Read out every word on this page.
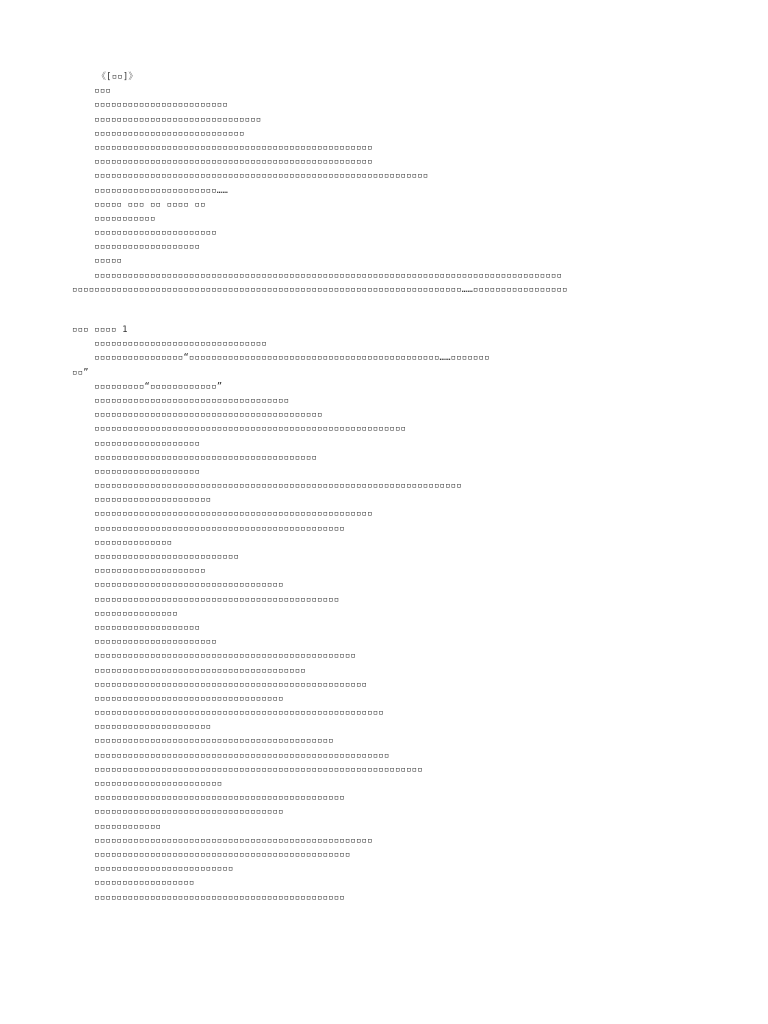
《[▫▫]》
▫▫▫
▫▫▫▫▫▫▫▫▫▫▫▫▫▫▫▫▫▫▫▫▫▫▫▫
▫▫▫▫▫▫▫▫▫▫▫▫▫▫▫▫▫▫▫▫▫▫▫▫▫▫▫▫▫▫
▫▫▫▫▫▫▫▫▫▫▫▫▫▫▫▫▫▫▫▫▫▫▫▫▫▫▫
▫▫▫▫▫▫▫▫▫▫▫▫▫▫▫▫▫▫▫▫▫▫▫▫▫▫▫▫▫▫▫▫▫▫▫▫▫▫▫▫▫▫▫▫▫▫▫▫▫▫
▫▫▫▫▫▫▫▫▫▫▫▫▫▫▫▫▫▫▫▫▫▫▫▫▫▫▫▫▫▫▫▫▫▫▫▫▫▫▫▫▫▫▫▫▫▫▫▫▫▫
▫▫▫▫▫▫▫▫▫▫▫▫▫▫▫▫▫▫▫▫▫▫▫▫▫▫▫▫▫▫▫▫▫▫▫▫▫▫▫▫▫▫▫▫▫▫▫▫▫▫▫▫▫▫▫▫▫▫▫▫
▫▫▫▫▫▫▫▫▫▫▫▫▫▫▫▫▫▫▫▫▫▫……
▫▫▫▫▫ ▫▫▫ ▫▫ ▫▫▫▫ ▫▫
▫▫▫▫▫▫▫▫▫▫▫
▫▫▫▫▫▫▫▫▫▫▫▫▫▫▫▫▫▫▫▫▫▫
▫▫▫▫▫▫▫▫▫▫▫▫▫▫▫▫▫▫▫
▫▫▫▫▫
▫▫▫▫▫▫▫▫▫▫▫▫▫▫▫▫▫▫▫▫▫▫▫▫▫▫▫▫▫▫▫▫▫▫▫▫▫▫▫▫▫▫▫▫▫▫▫▫▫▫▫▫▫▫▫▫▫▫▫▫▫▫▫▫▫▫▫▫▫▫▫▫▫▫▫▫▫▫▫▫▫▫▫▫
▫▫▫▫▫▫▫▫▫▫▫▫▫▫▫▫▫▫▫▫▫▫▫▫▫▫▫▫▫▫▫▫▫▫▫▫▫▫▫▫▫▫▫▫▫▫▫▫▫▫▫▫▫▫▫▫▫▫▫▫▫▫▫▫▫▫▫▫▫▫……▫▫▫▫▫▫▫▫▫▫▫▫▫▫▫▫▫
▫▫▫ ▫▫▫▫ 1
▫▫▫▫▫▫▫▫▫▫▫▫▫▫▫▫▫▫▫▫▫▫▫▫▫▫▫▫▫▫▫
▫▫▫▫▫▫▫▫▫▫▫▫▫▫▫▫“▫▫▫▫▫▫▫▫▫▫▫▫▫▫▫▫▫▫▫▫▫▫▫▫▫▫▫▫▫▫▫▫▫▫▫▫▫▫▫▫▫▫▫▫▫……▫▫▫▫▫▫▫
▫▫”
▫▫▫▫▫▫▫▫▫“▫▫▫▫▫▫▫▫▫▫▫▫”
▫▫▫▫▫▫▫▫▫▫▫▫▫▫▫▫▫▫▫▫▫▫▫▫▫▫▫▫▫▫▫▫▫▫▫
▫▫▫▫▫▫▫▫▫▫▫▫▫▫▫▫▫▫▫▫▫▫▫▫▫▫▫▫▫▫▫▫▫▫▫▫▫▫▫▫▫
▫▫▫▫▫▫▫▫▫▫▫▫▫▫▫▫▫▫▫▫▫▫▫▫▫▫▫▫▫▫▫▫▫▫▫▫▫▫▫▫▫▫▫▫▫▫▫▫▫▫▫▫▫▫▫▫
▫▫▫▫▫▫▫▫▫▫▫▫▫▫▫▫▫▫▫
▫▫▫▫▫▫▫▫▫▫▫▫▫▫▫▫▫▫▫▫▫▫▫▫▫▫▫▫▫▫▫▫▫▫▫▫▫▫▫▫
▫▫▫▫▫▫▫▫▫▫▫▫▫▫▫▫▫▫▫
▫▫▫▫▫▫▫▫▫▫▫▫▫▫▫▫▫▫▫▫▫▫▫▫▫▫▫▫▫▫▫▫▫▫▫▫▫▫▫▫▫▫▫▫▫▫▫▫▫▫▫▫▫▫▫▫▫▫▫▫▫▫▫▫▫▫
▫▫▫▫▫▫▫▫▫▫▫▫▫▫▫▫▫▫▫▫▫
▫▫▫▫▫▫▫▫▫▫▫▫▫▫▫▫▫▫▫▫▫▫▫▫▫▫▫▫▫▫▫▫▫▫▫▫▫▫▫▫▫▫▫▫▫▫▫▫▫▫
▫▫▫▫▫▫▫▫▫▫▫▫▫▫▫▫▫▫▫▫▫▫▫▫▫▫▫▫▫▫▫▫▫▫▫▫▫▫▫▫▫▫▫▫▫
▫▫▫▫▫▫▫▫▫▫▫▫▫▫
▫▫▫▫▫▫▫▫▫▫▫▫▫▫▫▫▫▫▫▫▫▫▫▫▫▫
▫▫▫▫▫▫▫▫▫▫▫▫▫▫▫▫▫▫▫▫
▫▫▫▫▫▫▫▫▫▫▫▫▫▫▫▫▫▫▫▫▫▫▫▫▫▫▫▫▫▫▫▫▫▫
▫▫▫▫▫▫▫▫▫▫▫▫▫▫▫▫▫▫▫▫▫▫▫▫▫▫▫▫▫▫▫▫▫▫▫▫▫▫▫▫▫▫▫▫
▫▫▫▫▫▫▫▫▫▫▫▫▫▫▫
▫▫▫▫▫▫▫▫▫▫▫▫▫▫▫▫▫▫▫
▫▫▫▫▫▫▫▫▫▫▫▫▫▫▫▫▫▫▫▫▫▫
▫▫▫▫▫▫▫▫▫▫▫▫▫▫▫▫▫▫▫▫▫▫▫▫▫▫▫▫▫▫▫▫▫▫▫▫▫▫▫▫▫▫▫▫▫▫▫
▫▫▫▫▫▫▫▫▫▫▫▫▫▫▫▫▫▫▫▫▫▫▫▫▫▫▫▫▫▫▫▫▫▫▫▫▫▫
▫▫▫▫▫▫▫▫▫▫▫▫▫▫▫▫▫▫▫▫▫▫▫▫▫▫▫▫▫▫▫▫▫▫▫▫▫▫▫▫▫▫▫▫▫▫▫▫▫
▫▫▫▫▫▫▫▫▫▫▫▫▫▫▫▫▫▫▫▫▫▫▫▫▫▫▫▫▫▫▫▫▫▫
▫▫▫▫▫▫▫▫▫▫▫▫▫▫▫▫▫▫▫▫▫▫▫▫▫▫▫▫▫▫▫▫▫▫▫▫▫▫▫▫▫▫▫▫▫▫▫▫▫▫▫▫
▫▫▫▫▫▫▫▫▫▫▫▫▫▫▫▫▫▫▫▫▫
▫▫▫▫▫▫▫▫▫▫▫▫▫▫▫▫▫▫▫▫▫▫▫▫▫▫▫▫▫▫▫▫▫▫▫▫▫▫▫▫▫▫▫
▫▫▫▫▫▫▫▫▫▫▫▫▫▫▫▫▫▫▫▫▫▫▫▫▫▫▫▫▫▫▫▫▫▫▫▫▫▫▫▫▫▫▫▫▫▫▫▫▫▫▫▫▫
▫▫▫▫▫▫▫▫▫▫▫▫▫▫▫▫▫▫▫▫▫▫▫▫▫▫▫▫▫▫▫▫▫▫▫▫▫▫▫▫▫▫▫▫▫▫▫▫▫▫▫▫▫▫▫▫▫▫▫
▫▫▫▫▫▫▫▫▫▫▫▫▫▫▫▫▫▫▫▫▫▫▫
▫▫▫▫▫▫▫▫▫▫▫▫▫▫▫▫▫▫▫▫▫▫▫▫▫▫▫▫▫▫▫▫▫▫▫▫▫▫▫▫▫▫▫▫▫
▫▫▫▫▫▫▫▫▫▫▫▫▫▫▫▫▫▫▫▫▫▫▫▫▫▫▫▫▫▫▫▫▫▫
▫▫▫▫▫▫▫▫▫▫▫▫
▫▫▫▫▫▫▫▫▫▫▫▫▫▫▫▫▫▫▫▫▫▫▫▫▫▫▫▫▫▫▫▫▫▫▫▫▫▫▫▫▫▫▫▫▫▫▫▫▫▫
▫▫▫▫▫▫▫▫▫▫▫▫▫▫▫▫▫▫▫▫▫▫▫▫▫▫▫▫▫▫▫▫▫▫▫▫▫▫▫▫▫▫▫▫▫▫
▫▫▫▫▫▫▫▫▫▫▫▫▫▫▫▫▫▫▫▫▫▫▫▫▫
▫▫▫▫▫▫▫▫▫▫▫▫▫▫▫▫▫▫
▫▫▫▫▫▫▫▫▫▫▫▫▫▫▫▫▫▫▫▫▫▫▫▫▫▫▫▫▫▫▫▫▫▫▫▫▫▫▫▫▫▫▫▫▫
